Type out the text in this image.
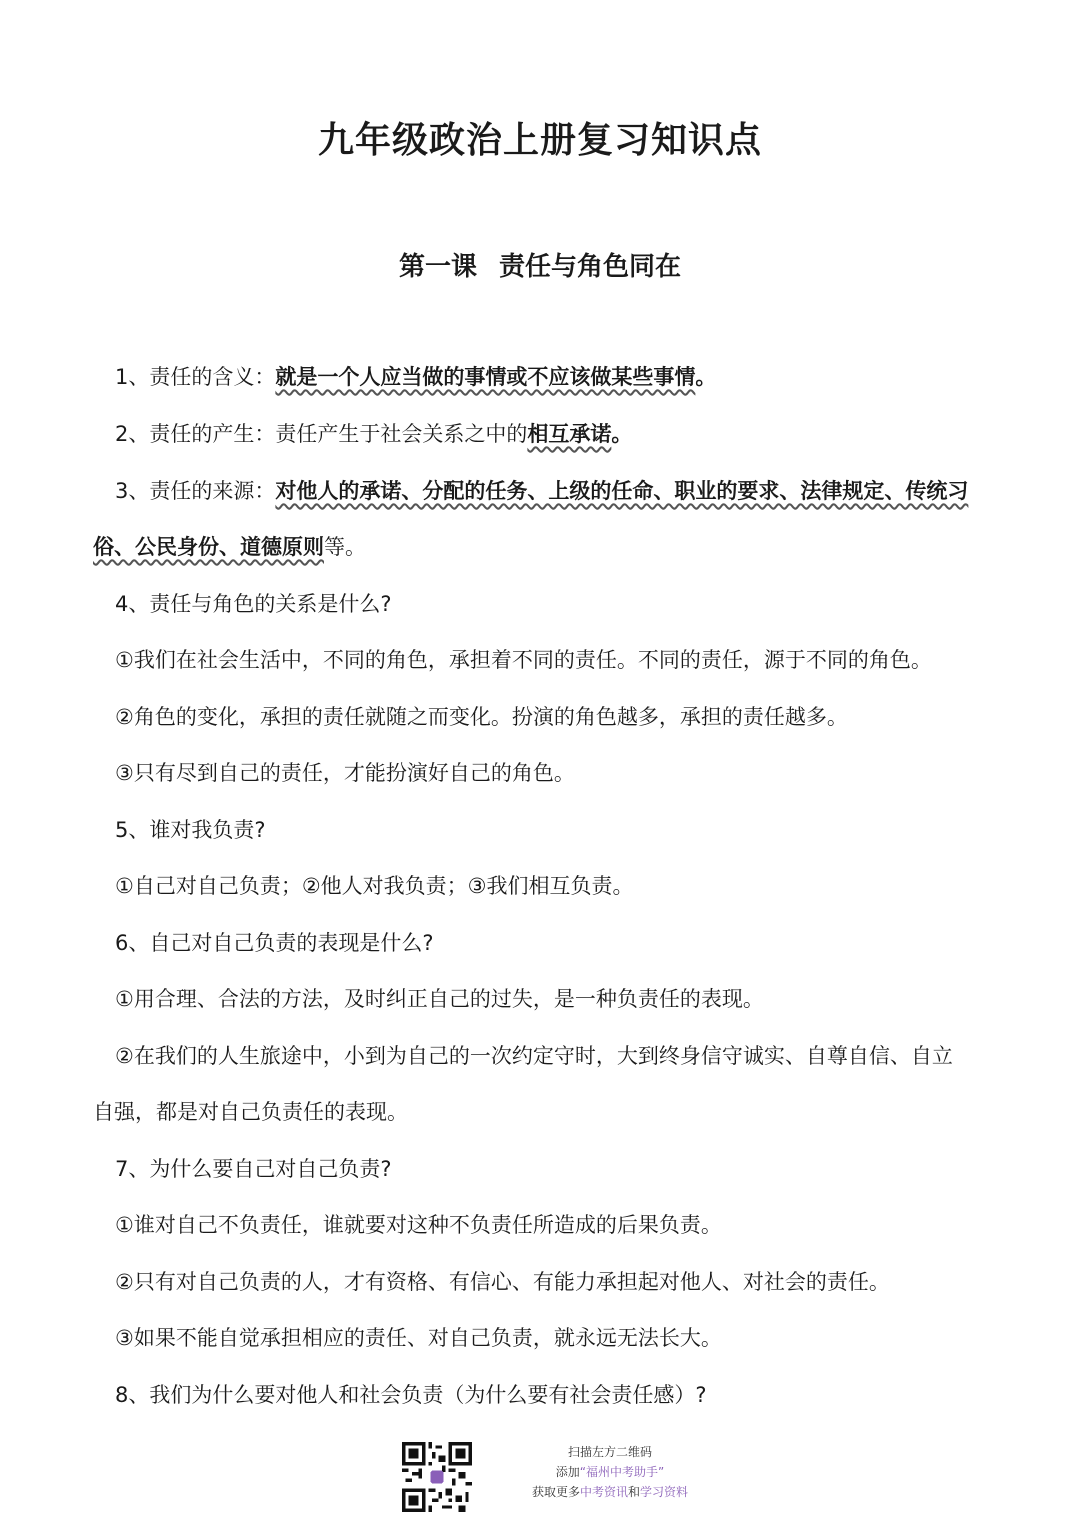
九年级政治上册复习知识点
第一课 责任与角色同在
1、责任的含义：就是一个人应当做的事情或不应该做某些事情。
2、责任的产生：责任产生于社会关系之中的相互承诺。
3、责任的来源：对他人的承诺、分配的任务、上级的任命、职业的要求、法律规定、传统习
俗、公民身份、道德原则等。
4、责任与角色的关系是什么?
①我们在社会生活中，不同的角色，承担着不同的责任。不同的责任，源于不同的角色。
②角色的变化，承担的责任就随之而变化。扮演的角色越多，承担的责任越多。
③只有尽到自己的责任，才能扮演好自己的角色。
5、谁对我负责?
①自己对自己负责；②他人对我负责；③我们相互负责。
6、自己对自己负责的表现是什么?
①用合理、合法的方法，及时纠正自己的过失，是一种负责任的表现。
②在我们的人生旅途中，小到为自己的一次约定守时，大到终身信守诚实、自尊自信、自立
自强，都是对自己负责任的表现。
7、为什么要自己对自己负责?
①谁对自己不负责任，谁就要对这种不负责任所造成的后果负责。
②只有对自己负责的人，才有资格、有信心、有能力承担起对他人、对社会的责任。
③如果不能自觉承担相应的责任、对自己负责，就永远无法长大。
8、我们为什么要对他人和社会负责（为什么要有社会责任感）?
扫描左方二维码
添加“福州中考助手”
获取更多中考资讯和学习资料
